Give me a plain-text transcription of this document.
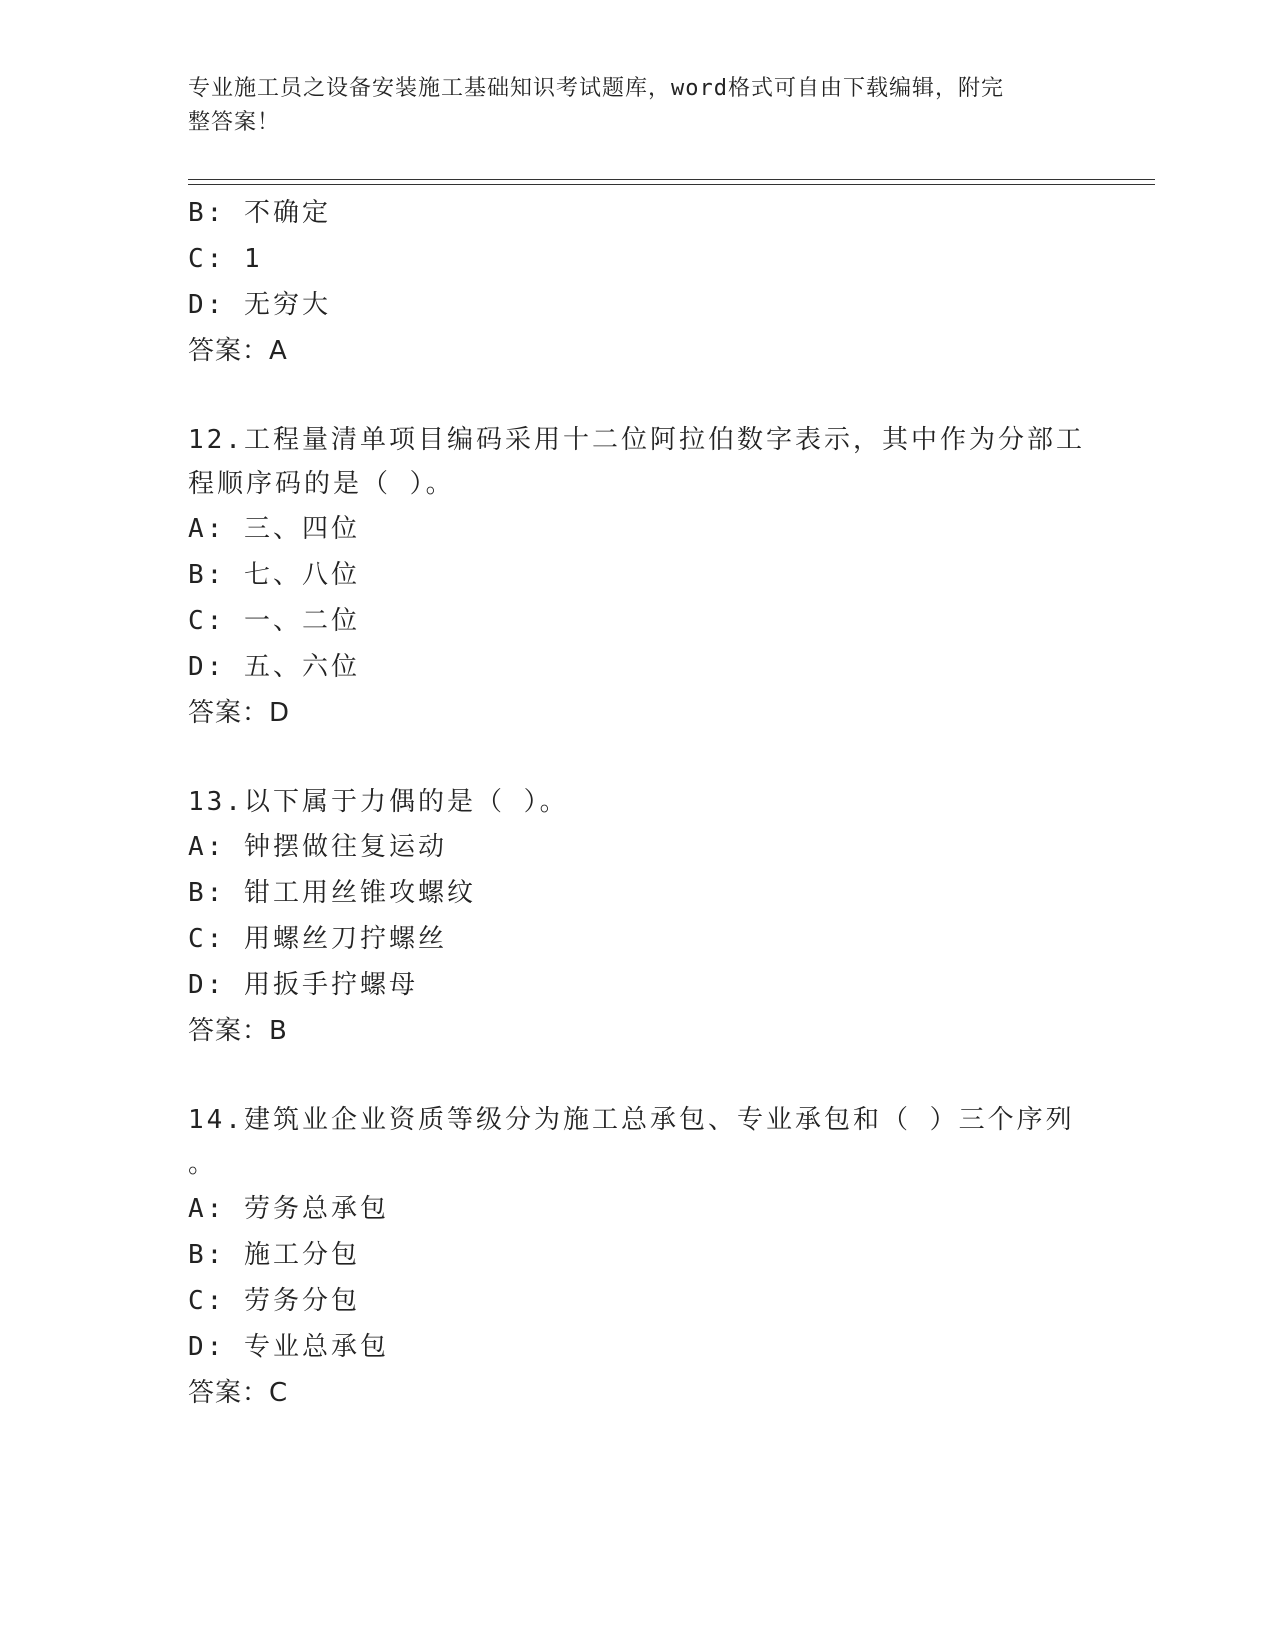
专业施工员之设备安装施工基础知识考试题库，word格式可自由下载编辑，附完
整答案！
B: 不确定
C: 1
D: 无穷大
答案：A
12.工程量清单项目编码采用十二位阿拉伯数字表示，其中作为分部工
程顺序码的是（ ）。
A: 三、四位
B: 七、八位
C: 一、二位
D: 五、六位
答案：D
13.以下属于力偶的是（ ）。
A: 钟摆做往复运动
B: 钳工用丝锥攻螺纹
C: 用螺丝刀拧螺丝
D: 用扳手拧螺母
答案：B
14.建筑业企业资质等级分为施工总承包、专业承包和（ ）三个序列
。
A: 劳务总承包
B: 施工分包
C: 劳务分包
D: 专业总承包
答案：C
